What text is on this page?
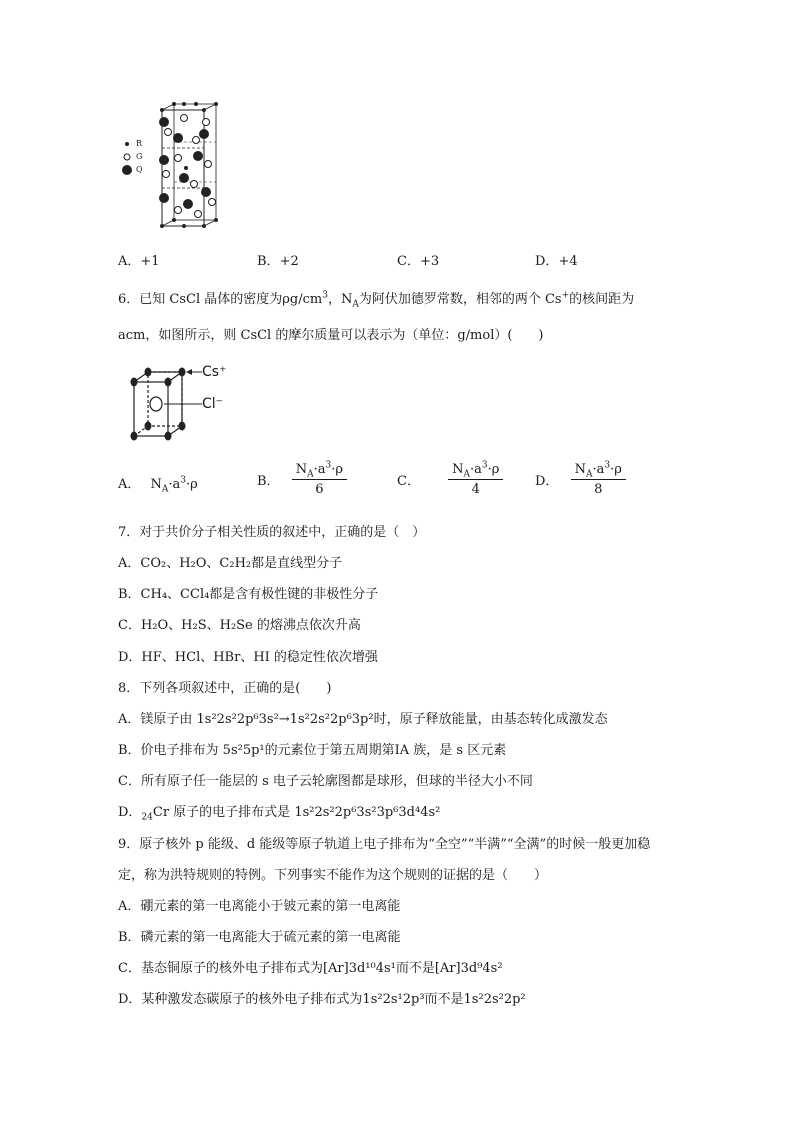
R
G
Q
A．+1	B．+2	C．+3	D．+4
6．已知 CsCl 晶体的密度为$\rho g/cm^3$，$N_A$为阿伏加德罗常数，相邻的两个 Cs+的核间距为
acm，如图所示，则 CsCl 的摩尔质量可以表示为（单位：g/mol）(　　)
Cs⁺
Cl⁻
A． $N_A\cdot a^3\cdot\rho$	B． $\frac{N_A\cdot a^3\cdot\rho}{6}$	C． $\frac{N_A\cdot a^3\cdot\rho}{4}$ D． $\frac{N_A\cdot a^3\cdot\rho}{8}$
7．对于共价分子相关性质的叙述中，正确的是（　）
A．CO₂、H₂O、C₂H₂都是直线型分子
B．CH₄、CCl₄都是含有极性键的非极性分子
C．H₂O、H₂S、H₂Se 的熔沸点依次升高
D．HF、HCl、HBr、HI 的稳定性依次增强
8．下列各项叙述中，正确的是(　　)
A．镁原子由 1s²2s²2p⁶3s²→1s²2s²2p⁶3p²时，原子释放能量，由基态转化成激发态
B．价电子排布为 5s²5p¹的元素位于第五周期第ⅠA 族，是 s 区元素
C．所有原子任一能层的 s 电子云轮廓图都是球形，但球的半径大小不同
D．$_{24}$Cr 原子的电子排布式是 1s²2s²2p⁶3s²3p⁶3d⁴4s²
9．原子核外 p 能级、d 能级等原子轨道上电子排布为“全空”“半满”“全满”的时候一般更加稳
定，称为洪特规则的特例。下列事实不能作为这个规则的证据的是（　　）
A．硼元素的第一电离能小于铍元素的第一电离能
B．磷元素的第一电离能大于硫元素的第一电离能
C．基态铜原子的核外电子排布式为[Ar]3d¹⁰4s¹而不是[Ar]3d⁹4s²
D．某种激发态碳原子的核外电子排布式为1s²2s¹2p³而不是1s²2s²2p²
